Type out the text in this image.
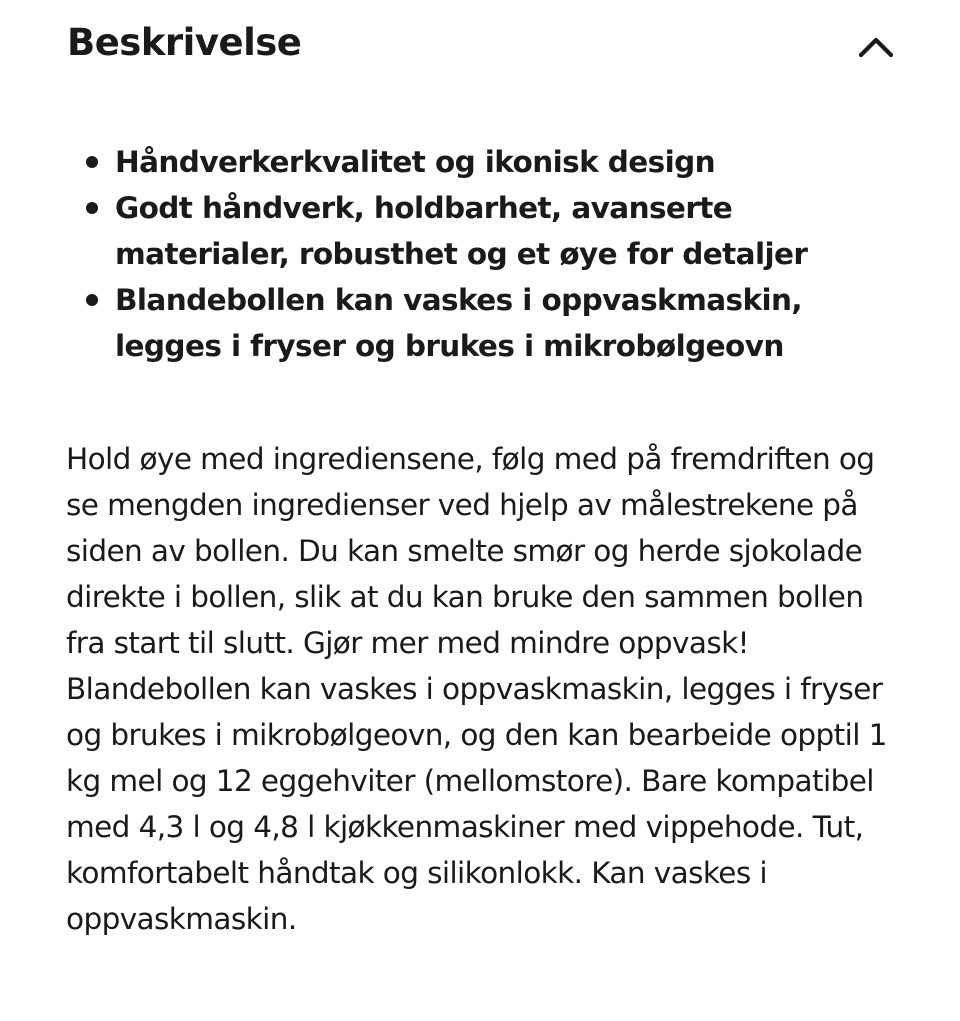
Beskrivelse
Håndverkerkvalitet og ikonisk design
Godt håndverk, holdbarhet, avanserte materialer, robusthet og et øye for detaljer
Blandebollen kan vaskes i oppvaskmaskin, legges i fryser og brukes i mikrobølgeovn

Hold øye med ingrediensene, følg med på fremdriften og se mengden ingredienser ved hjelp av målestrekene på siden av bollen. Du kan smelte smør og herde sjokolade direkte i bollen, slik at du kan bruke den sammen bollen fra start til slutt. Gjør mer med mindre oppvask! Blandebollen kan vaskes i oppvaskmaskin, legges i fryser og brukes i mikrobølgeovn, og den kan bearbeide opptil 1 kg mel og 12 eggehviter (mellomstore). Bare kompatibel med 4,3 l og 4,8 l kjøkkenmaskiner med vippehode. Tut, komfortabelt håndtak og silikonlokk. Kan vaskes i oppvaskmaskin.
